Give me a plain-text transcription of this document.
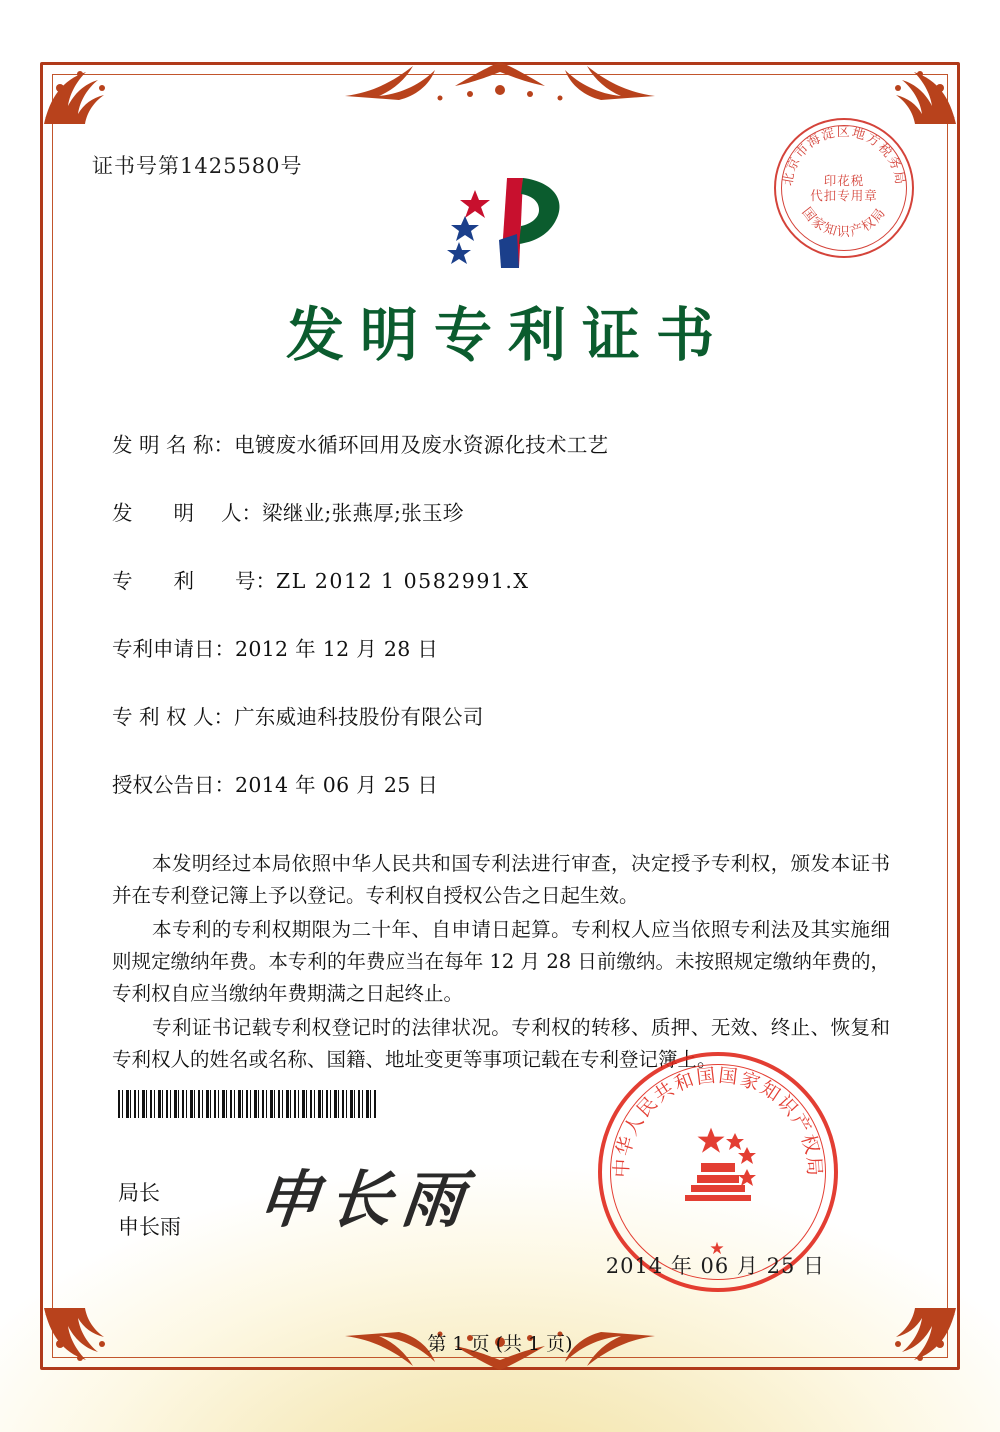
证书号第1425580号
北京市海淀区地方税务局
国家知识产权局
印花税
代扣专用章
发明专利证书
发 明 名 称： 电镀废水循环回用及废水资源化技术工艺
发　　明　 人： 梁继业;张燕厚;张玉珍
专　　利　　号： ZL 2012 1 0582991.X
专利申请日： 2012 年 12 月 28 日
专 利 权 人： 广东威迪科技股份有限公司
授权公告日： 2014 年 06 月 25 日

本发明经过本局依照中华人民共和国专利法进行审查，决定授予专利权，颁发本证书并在专利登记簿上予以登记。专利权自授权公告之日起生效。

本专利的专利权期限为二十年、自申请日起算。专利权人应当依照专利法及其实施细则规定缴纳年费。本专利的年费应当在每年 12 月 28 日前缴纳。未按照规定缴纳年费的，专利权自应当缴纳年费期满之日起终止。

专利证书记载专利权登记时的法律状况。专利权的转移、质押、无效、终止、恢复和专利权人的姓名或名称、国籍、地址变更等事项记载在专利登记簿上。

局长
申长雨 申长雨	中华人民共和国国家知识产权局
★
2014 年 06 月 25 日
第 1 页 (共 1 页)
